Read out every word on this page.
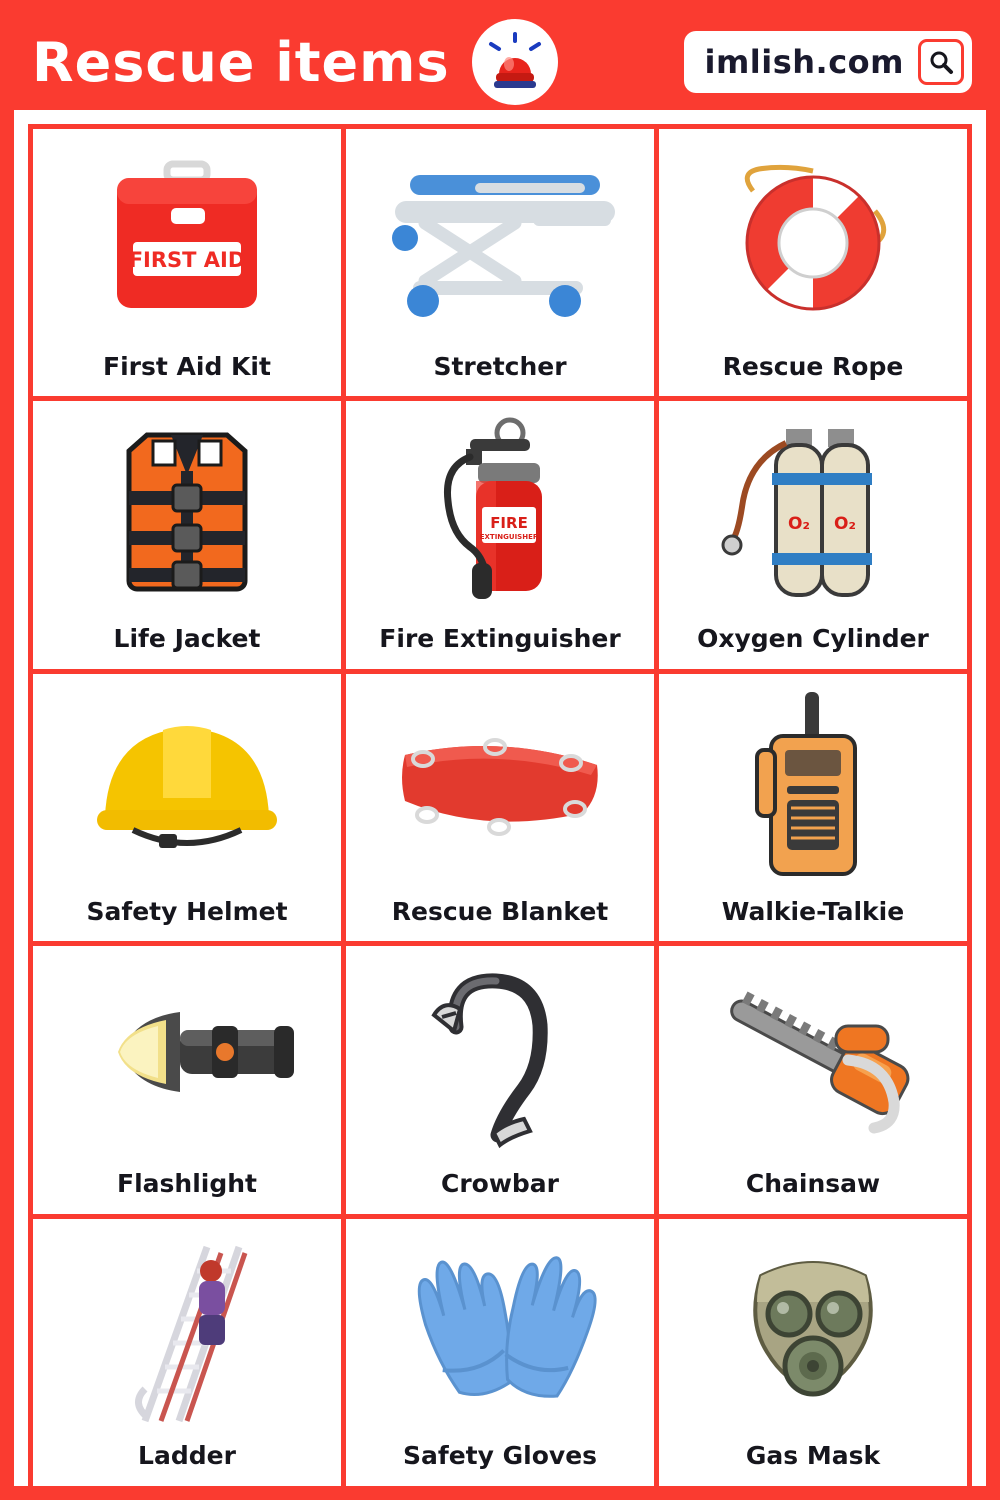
Rescue items	imlish.com
FIRST AID
First Aid Kit	Stretcher	Rescue Rope
Life Jacket
FIRE
EXTINGUISHER
Fire Extinguisher
O₂ O₂
Oxygen Cylinder
Safety Helmet	Rescue Blanket	Walkie-Talkie
Flashlight	Crowbar	Chainsaw
Ladder	Safety Gloves	Gas Mask
